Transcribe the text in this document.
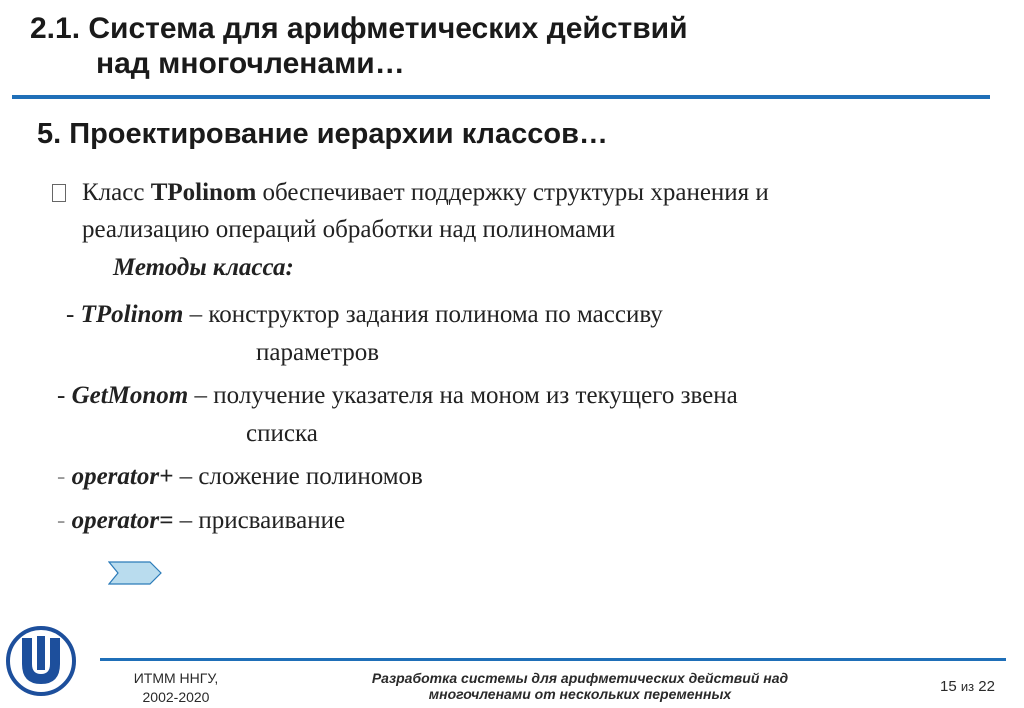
2.1. Система для арифметических действий
над многочленами…
5. Проектирование иерархии классов…
Класс TPolinom обеспечивает поддержку структуры хранения и
реализацию операций обработки над полиномами
Методы класса:
- TPolinom – конструктор задания полинома по массиву
параметров
- GetMonom – получение указателя на моном из текущего звена
списка
- operator+ – сложение полиномов
- operator= – присваивание
ИТММ ННГУ,
2002-2020
Разработка системы для арифметических действий над
многочленами от нескольких переменных	15 из 22
